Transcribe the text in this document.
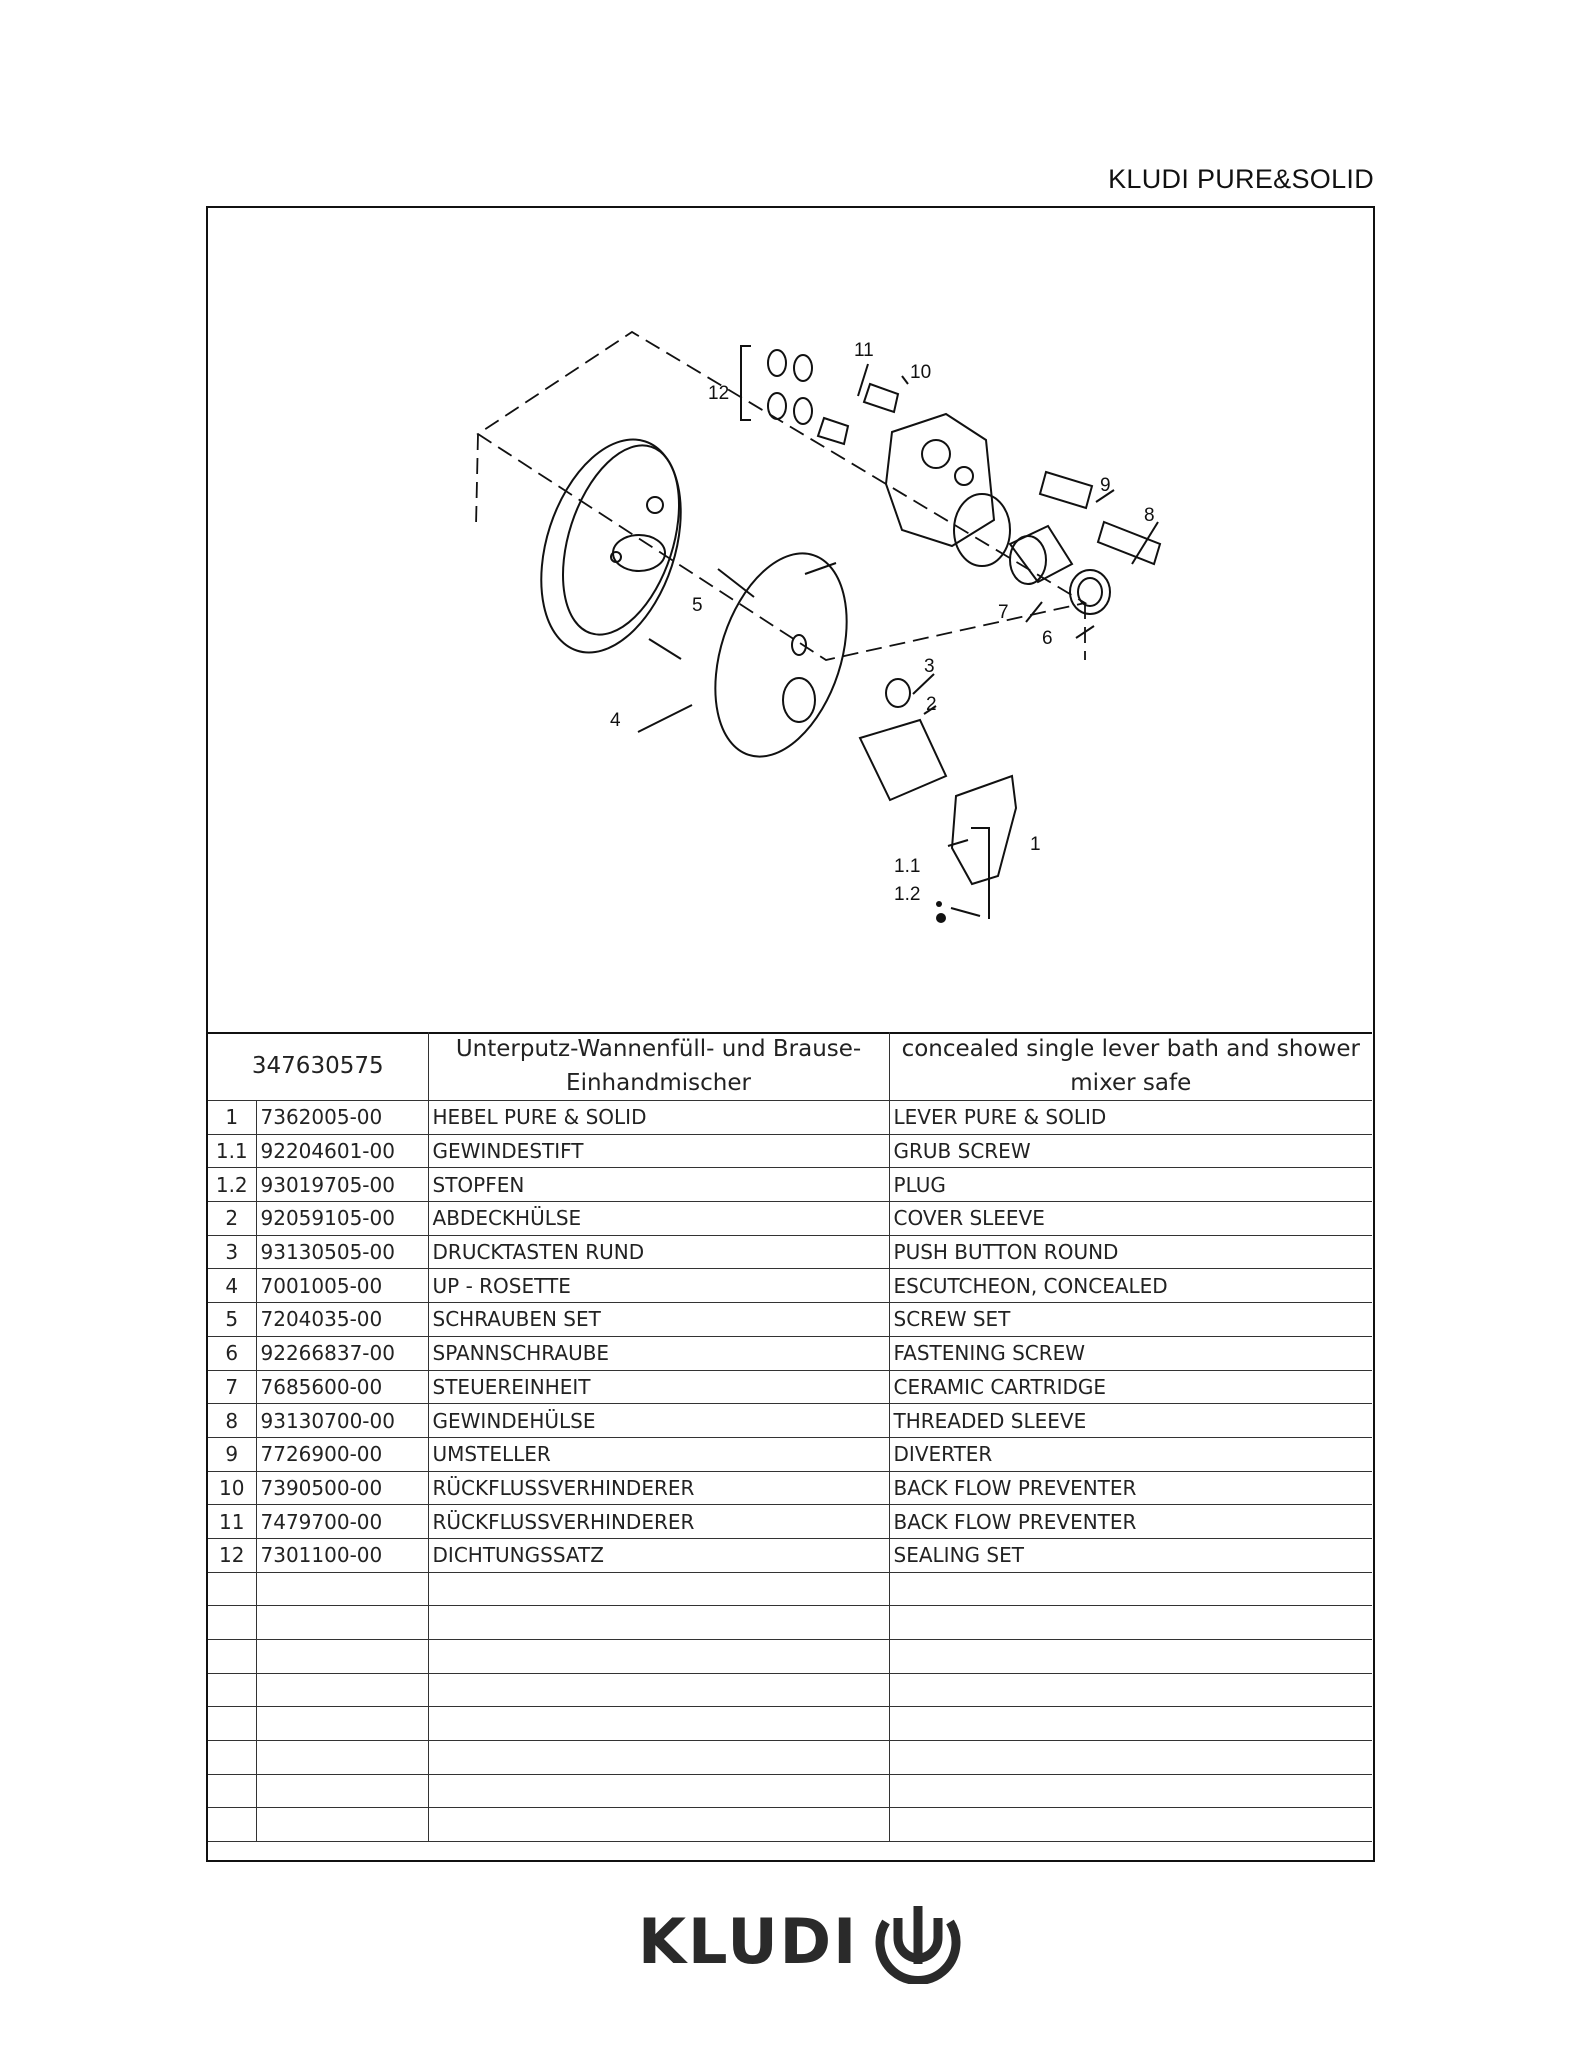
KLUDI PURE&SOLID
12
11
10
9
8
5
3
2
4
7
6
1
1.1
1.2
347630575		Unterputz-Wannenfüll- und Brause-Einhandmischer	concealed single lever bath and shower mixer safe
1	7362005-00	HEBEL PURE & SOLID	LEVER PURE & SOLID
1.1	92204601-00	GEWINDESTIFT	GRUB SCREW
1.2	93019705-00	STOPFEN	PLUG
2	92059105-00	ABDECKHÜLSE	COVER SLEEVE
3	93130505-00	DRUCKTASTEN RUND	PUSH BUTTON ROUND
4	7001005-00	UP - ROSETTE	ESCUTCHEON, CONCEALED
5	7204035-00	SCHRAUBEN SET	SCREW SET
6	92266837-00	SPANNSCHRAUBE	FASTENING SCREW
7	7685600-00	STEUEREINHEIT	CERAMIC CARTRIDGE
8	93130700-00	GEWINDEHÜLSE	THREADED SLEEVE
9	7726900-00	UMSTELLER	DIVERTER
10	7390500-00	RÜCKFLUSSVERHINDERER	BACK FLOW PREVENTER
11	7479700-00	RÜCKFLUSSVERHINDERER	BACK FLOW PREVENTER
12	7301100-00	DICHTUNGSSATZ	SEALING SET

KLUDI
